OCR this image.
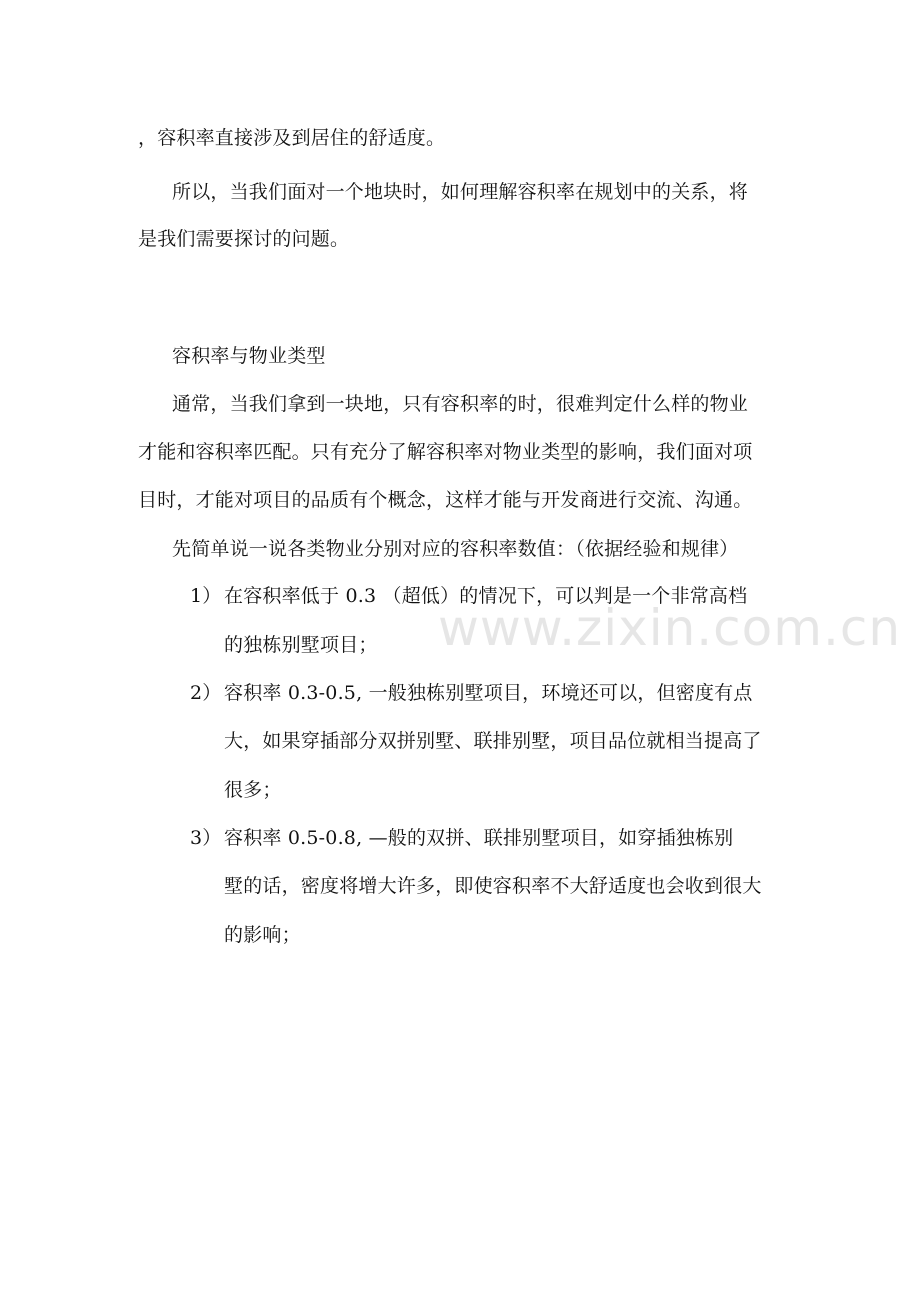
www.zixin.com.cn
，容积率直接涉及到居住的舒适度。
所以，当我们面对一个地块时，如何理解容积率在规划中的关系，将
是我们需要探讨的问题。
容积率与物业类型
通常，当我们拿到一块地，只有容积率的时，很难判定什么样的物业
才能和容积率匹配。只有充分了解容积率对物业类型的影响，我们面对项
目时，才能对项目的品质有个概念，这样才能与开发商进行交流、沟通。
先简单说一说各类物业分别对应的容积率数值：（依据经验和规律）
1） 在容积率低于 0.3 （超低）的情况下，可以判是一个非常高档
的独栋别墅项目；
2） 容积率 0.3-0.5, 一般独栋别墅项目，环境还可以，但密度有点
大，如果穿插部分双拼别墅、联排别墅，项目品位就相当提高了
很多；
3） 容积率 0.5-0.8, —般的双拼、联排别墅项目，如穿插独栋别
墅的话，密度将增大许多，即使容积率不大舒适度也会收到很大
的影响；
